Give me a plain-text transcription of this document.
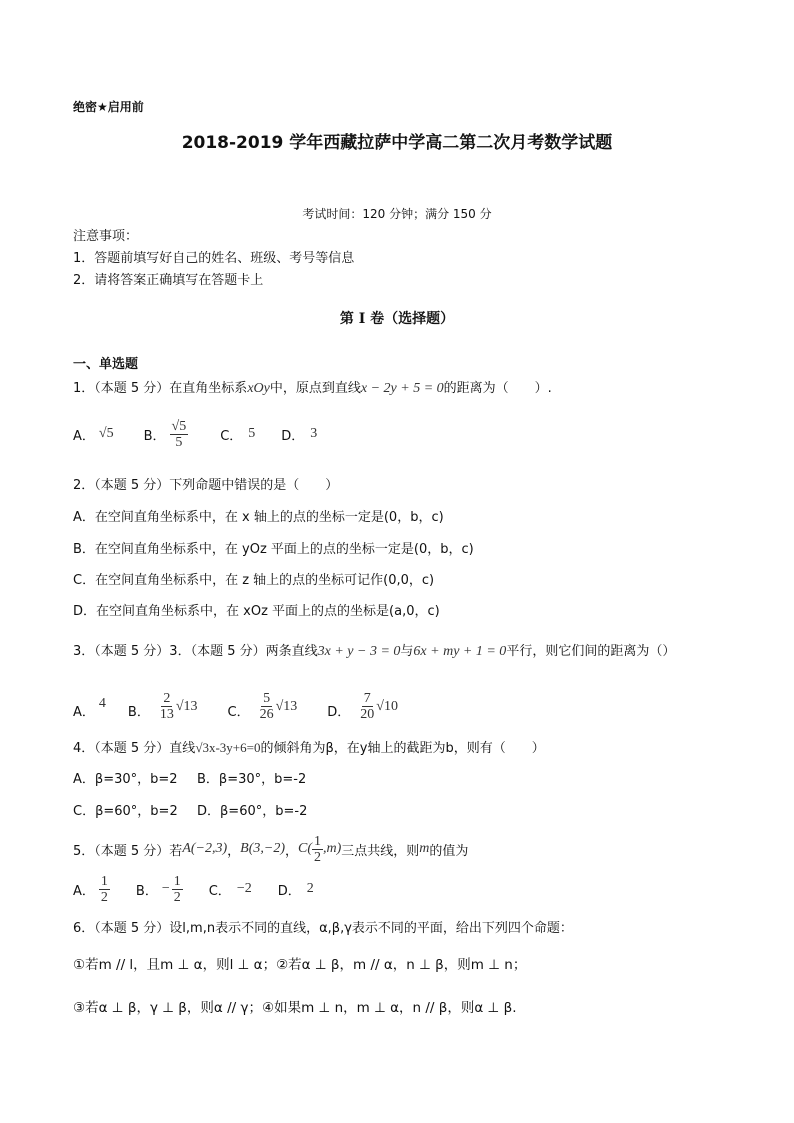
绝密★启用前
2018-2019 学年西藏拉萨中学高二第二次月考数学试题
考试时间：120 分钟；满分 150 分
注意事项：
1．答题前填写好自己的姓名、班级、考号等信息
2．请将答案正确填写在答题卡上
第 I 卷（选择题）
一、单选题
1．（本题 5 分）在直角坐标系xOy中，原点到直线x − 2y + 5 = 0的距离为（　　）.
A． √5 B． $\frac{√5}{5}$ C． 5 D． 3
2．（本题 5 分）下列命题中错误的是（　　）
A．在空间直角坐标系中，在 x 轴上的点的坐标一定是(0，b，c)
B．在空间直角坐标系中，在 yOz 平面上的点的坐标一定是(0，b，c)
C．在空间直角坐标系中，在 z 轴上的点的坐标可记作(0,0，c)
D．在空间直角坐标系中，在 xOz 平面上的点的坐标是(a,0，c)
3．（本题 5 分）3．（本题 5 分）两条直线3x + y − 3 = 0与6x + my + 1 = 0平行，则它们间的距离为（）
A．
4
B． $\frac{2}{13} √13$ C． $\frac{5}{26} √13$ D． $\frac{7}{20} √10$
4．（本题 5 分）直线√3x-3y+6=0的倾斜角为β，在y轴上的截距为b，则有（　　）
A．β=30°，b=2 B．β=30°，b=-2
C．β=60°，b=2 D．β=60°，b=-2
5．（本题 5 分）若 A(−2,3) ， B(3,−2) ， $C( \frac{1}{2} ,m)$ 三点共线，则 m 的值为
A． $\frac{1}{2}$ B． − $\frac{1}{2}$ C． −2 D． 2
6．（本题 5 分）设l,m,n表示不同的直线，α,β,γ表示不同的平面，给出下列四个命题：
①若m // l，且m ⊥ α，则l ⊥ α；②若α ⊥ β，m // α，n ⊥ β，则m ⊥ n；
③若α ⊥ β，γ ⊥ β，则α // γ；④如果m ⊥ n，m ⊥ α，n // β，则α ⊥ β.
